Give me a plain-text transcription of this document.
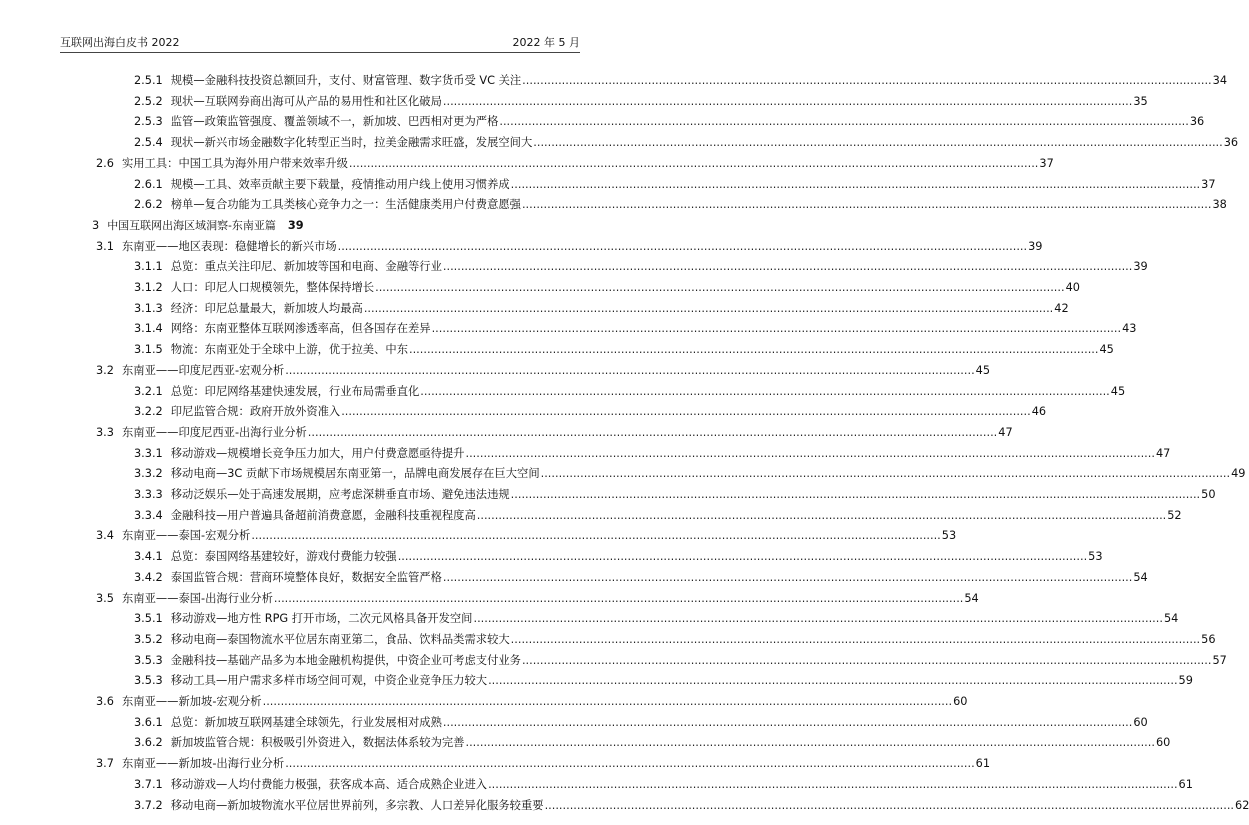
互联网出海白皮书 2022	2022 年 5 月
2.5.1 规模—金融科技投资总额回升，支付、财富管理、数字货币受 VC 关注 .....	34
2.5.2 现状—互联网券商出海可从产品的易用性和社区化破局 .....	35
2.5.3 监管—政策监管强度、覆盖领域不一，新加坡、巴西相对更为严格 .....	36
2.5.4 现状—新兴市场金融数字化转型正当时，拉美金融需求旺盛，发展空间大 .....	36
2.6 实用工具：中国工具为海外用户带来效率升级 .....	37
2.6.1 规模—工具、效率贡献主要下载量，疫情推动用户线上使用习惯养成 .....	37
2.6.2 榜单—复合功能为工具类核心竞争力之一：生活健康类用户付费意愿强 .....	38
3 中国互联网出海区域洞察-东南亚篇 39
3.1 东南亚——地区表现：稳健增长的新兴市场 .....	39
3.1.1 总览：重点关注印尼、新加坡等国和电商、金融等行业 .....	39
3.1.2 人口：印尼人口规模领先，整体保持增长 .....	40
3.1.3 经济：印尼总量最大，新加坡人均最高 .....	42
3.1.4 网络：东南亚整体互联网渗透率高，但各国存在差异 .....	43
3.1.5 物流：东南亚处于全球中上游，优于拉美、中东 .....	45
3.2 东南亚——印度尼西亚-宏观分析 .....	45
3.2.1 总览：印尼网络基建快速发展，行业布局需垂直化 .....	45
3.2.2 印尼监管合规：政府开放外资准入 .....	46
3.3 东南亚——印度尼西亚-出海行业分析 .....	47
3.3.1 移动游戏—规模增长竞争压力加大，用户付费意愿亟待提升 .....	47
3.3.2 移动电商—3C 贡献下市场规模居东南亚第一，品牌电商发展存在巨大空间 .....	49
3.3.3 移动泛娱乐—处于高速发展期，应考虑深耕垂直市场、避免违法违规 .....	50
3.3.4 金融科技—用户普遍具备超前消费意愿，金融科技重视程度高 .....	52
3.4 东南亚——泰国-宏观分析 .....	53
3.4.1 总览：泰国网络基建较好，游戏付费能力较强 .....	53
3.4.2 泰国监管合规：营商环境整体良好，数据安全监管严格 .....	54
3.5 东南亚——泰国-出海行业分析 .....	54
3.5.1 移动游戏—地方性 RPG 打开市场，二次元风格具备开发空间 .....	54
3.5.2 移动电商—泰国物流水平位居东南亚第二，食品、饮料品类需求较大 .....	56
3.5.3 金融科技—基础产品多为本地金融机构提供，中资企业可考虑支付业务 .....	57
3.5.3 移动工具—用户需求多样市场空间可观，中资企业竞争压力较大 .....	59
3.6 东南亚——新加坡-宏观分析 .....	60
3.6.1 总览：新加坡互联网基建全球领先，行业发展相对成熟 .....	60
3.6.2 新加坡监管合规：积极吸引外资进入，数据法体系较为完善 .....	60
3.7 东南亚——新加坡-出海行业分析 .....	61
3.7.1 移动游戏—人均付费能力极强，获客成本高、适合成熟企业进入 .....	61
3.7.2 移动电商—新加坡物流水平位居世界前列，多宗教、人口差异化服务较重要 .....	62
